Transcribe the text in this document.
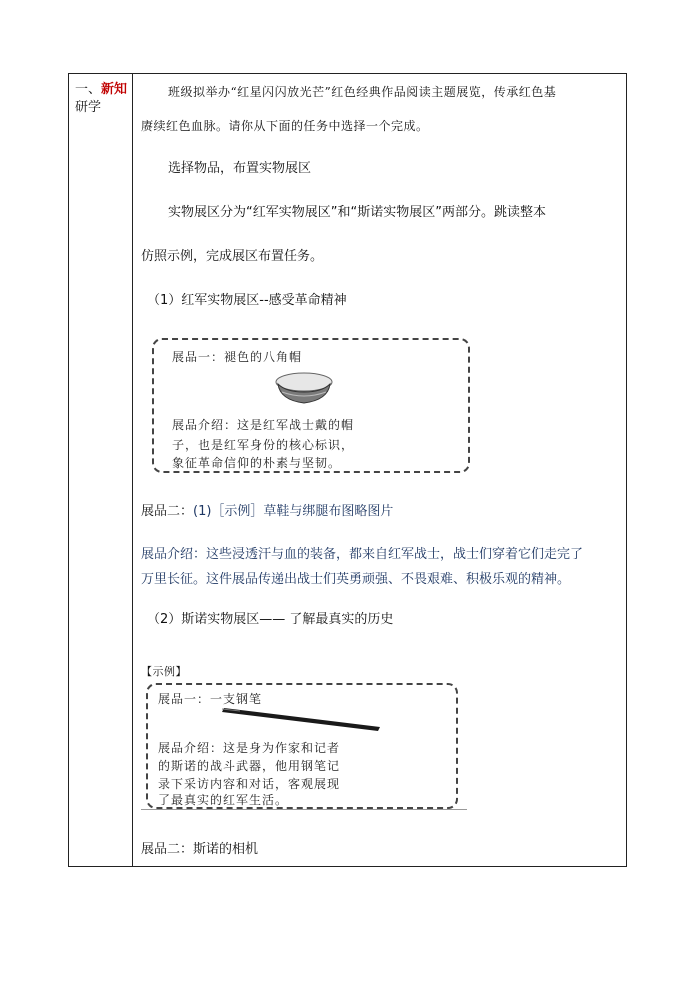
一、新知
研学
班级拟举办“红星闪闪放光芒”红色经典作品阅读主题展览，传承红色基
赓续红色血脉。请你从下面的任务中选择一个完成。
选择物品，布置实物展区
实物展区分为“红军实物展区”和“斯诺实物展区”两部分。跳读整本
仿照示例，完成展区布置任务。
（1）红军实物展区--感受革命精神
展品一：褪色的八角帽
展品介绍：这是红军战士戴的帽
子，也是红军身份的核心标识，
象征革命信仰的朴素与坚韧。
展品二：(1)［示例］草鞋与绑腿布图略图片
展品介绍：这些浸透汗与血的装备，都来自红军战士，战士们穿着它们走完了
万里长征。这件展品传递出战士们英勇顽强、不畏艰难、积极乐观的精神。
（2）斯诺实物展区—— 了解最真实的历史
【示例】
展品一：一支钢笔
展品介绍：这是身为作家和记者
的斯诺的战斗武器，他用钢笔记
录下采访内容和对话，客观展现
了最真实的红军生活。
展品二：斯诺的相机
